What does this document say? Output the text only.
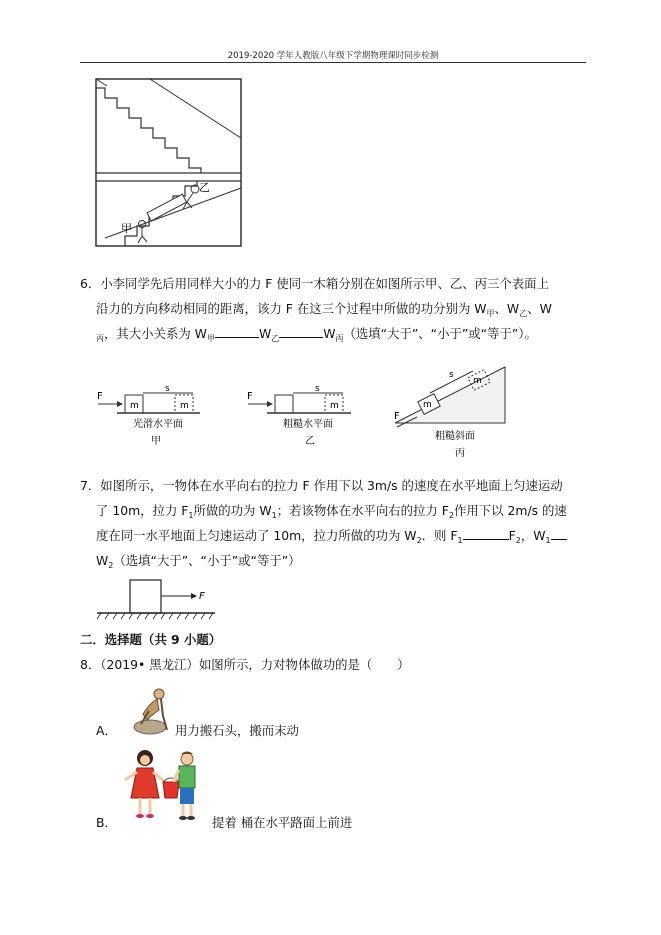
2019-2020 学年人教版八年级下学期物理课时同步检测
乙
甲
6．小李同学先后用同样大小的力 F 使同一木箱分别在如图所示甲、乙、丙三个表面上
沿力的方向移动相同的距离，该力 F 在这三个过程中所做的功分别为 $W_甲$、$W_乙$、W
$_丙$，其大小关系为 $W_甲$	$W_乙$	$W_丙$（选填“大于”、“小于”或“等于”）。
F
m	m
s
光滑水平面
甲
F
m
s
粗糙水平面
乙
m
m
F
s
粗糙斜面
丙
7．如图所示，一物体在水平向右的拉力 F 作用下以 3m/s 的速度在水平地面上匀速运动
了 10m，拉力 $F_1$所做的功为 $W_1$；若该物体在水平向右的拉力 $F_2$作用下以 2m/s 的速
度在同一水平地面上匀速运动了 10m，拉力所做的功为 $W_2$．则 $F_1$	$F_2$，$W_1$
$W_2$（选填“大于”、“小于”或“等于”）
F
二．选择题（共 9 小题）
8．（2019• 黑龙江）如图所示，力对物体做功的是（　　）
A．	用力搬石头，搬而末动
B．	提着 桶在水平路面上前进
